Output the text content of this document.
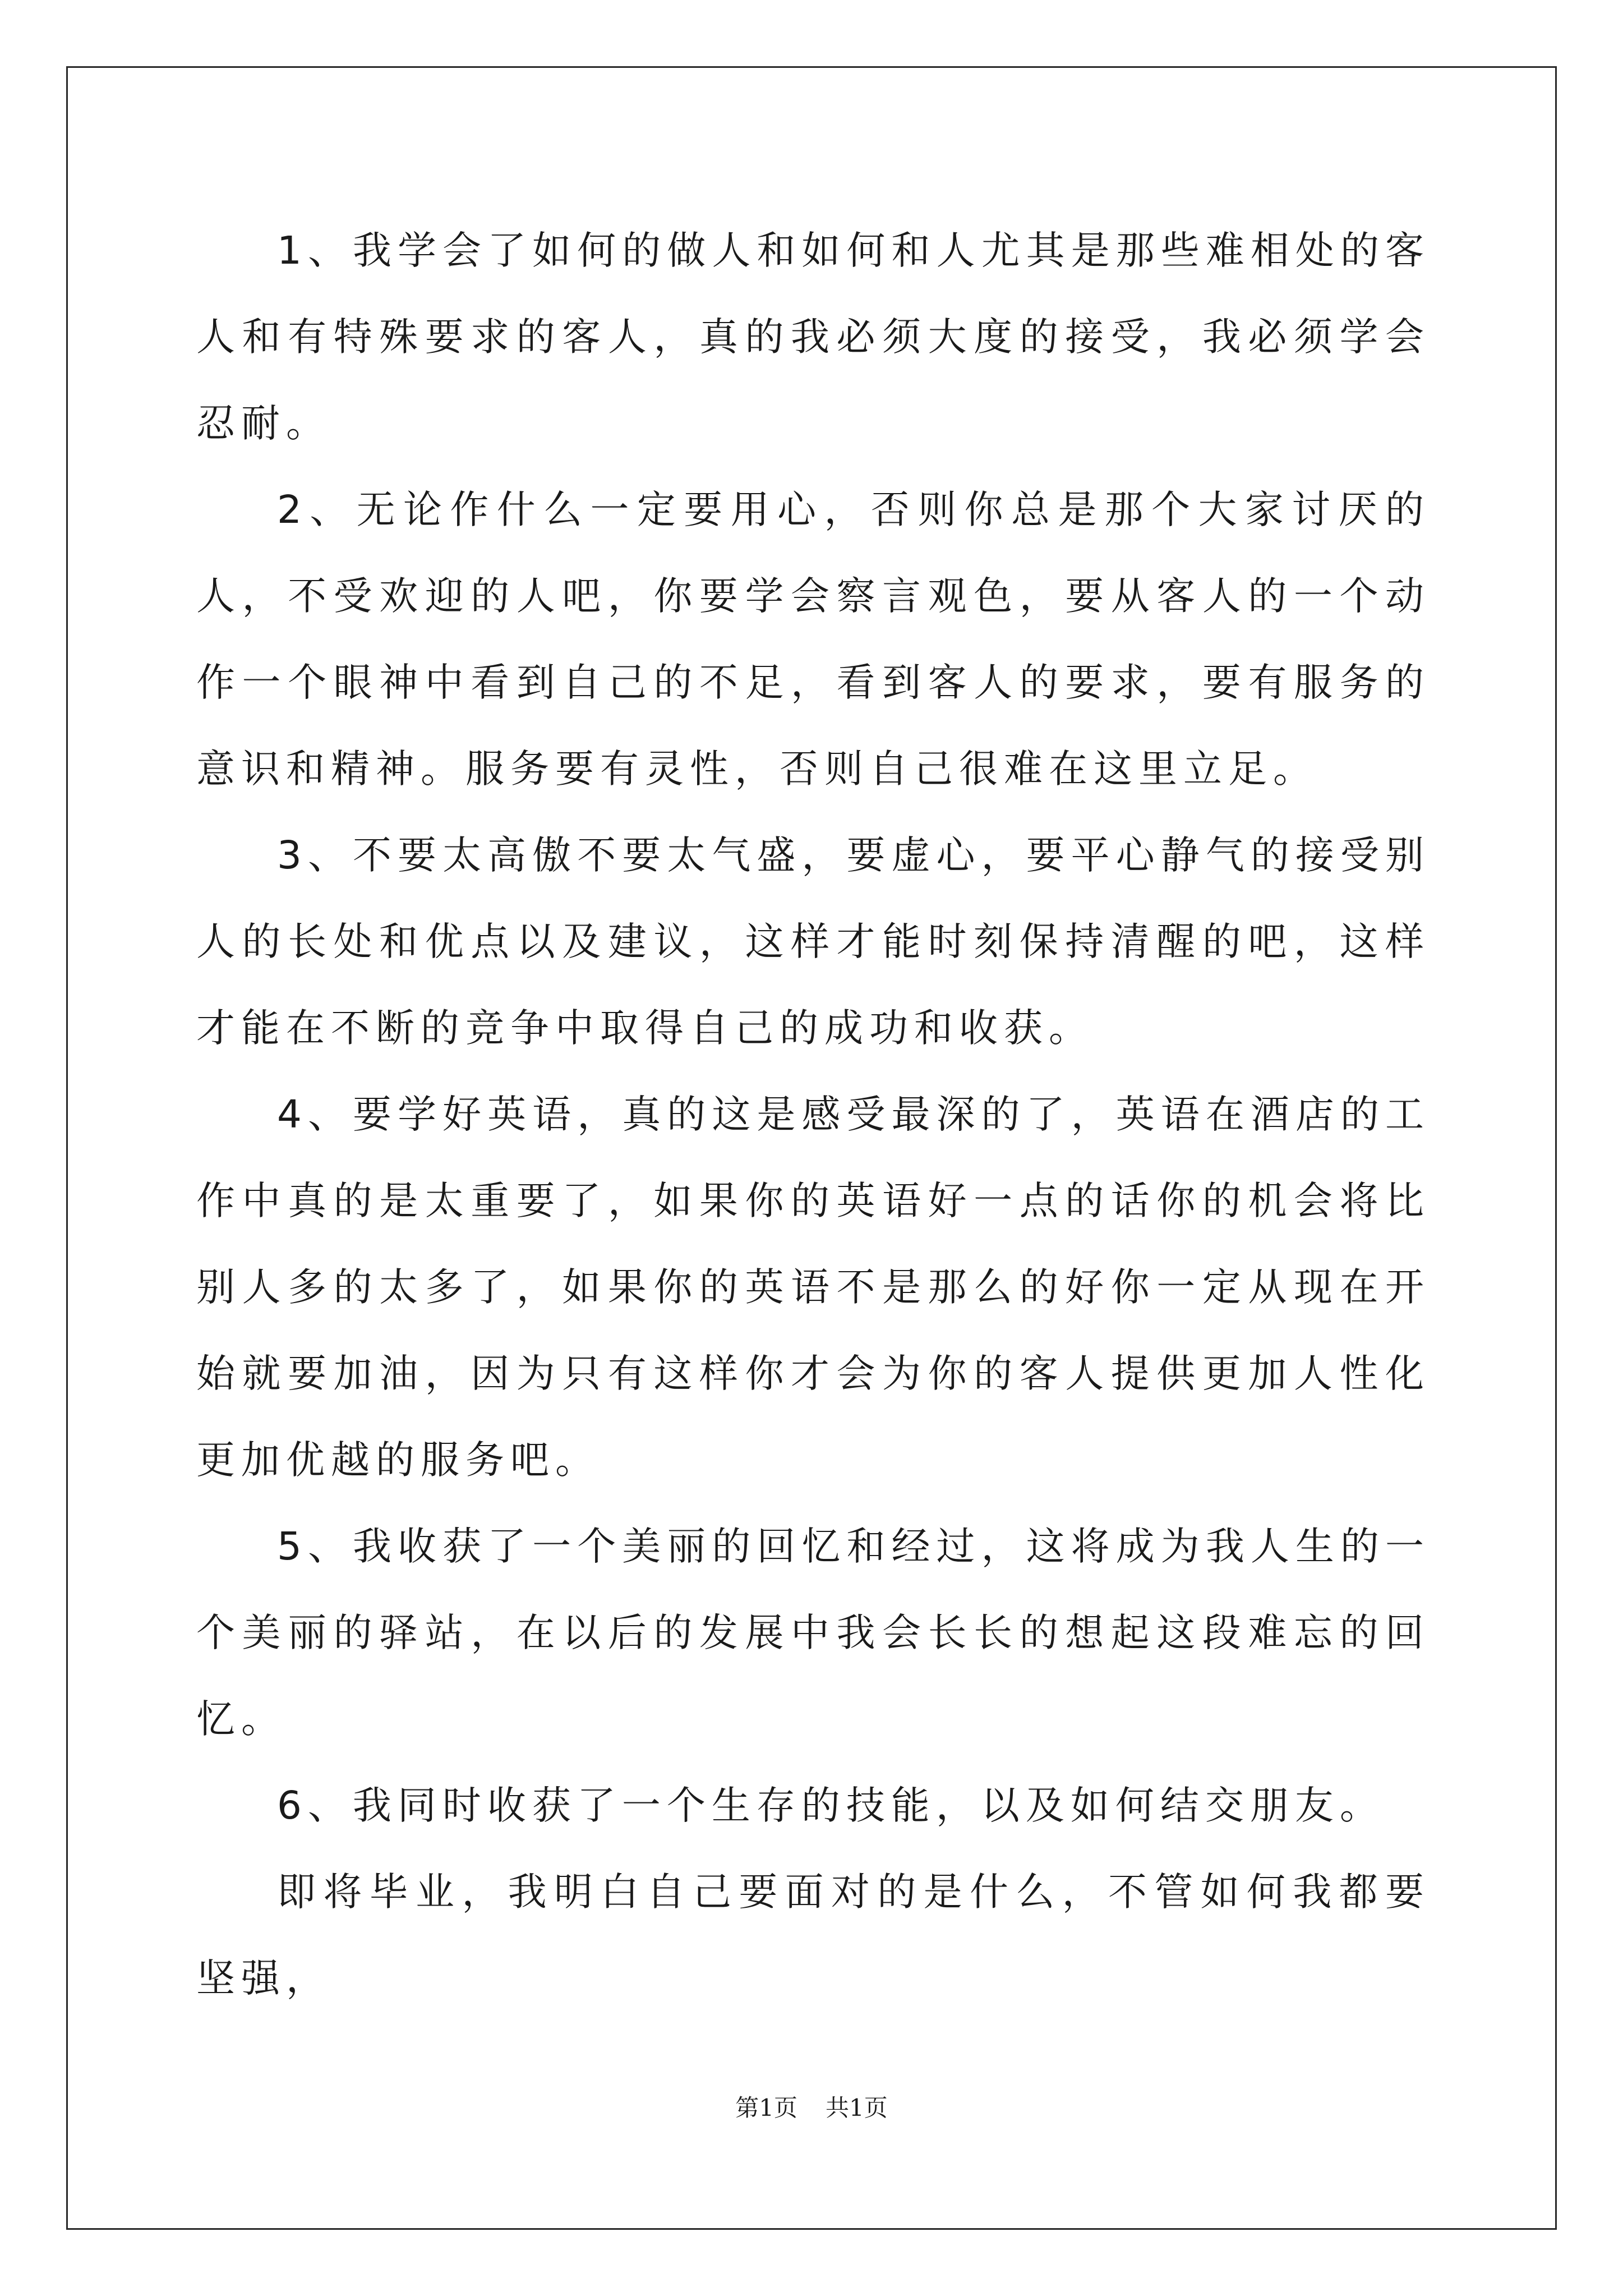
1、我学会了如何的做人和如何和人尤其是那些难相处的客人和有特殊要求的客人，真的我必须大度的接受，我必须学会忍耐。

2、无论作什么一定要用心，否则你总是那个大家讨厌的人，不受欢迎的人吧，你要学会察言观色，要从客人的一个动作一个眼神中看到自己的不足，看到客人的要求，要有服务的意识和精神。服务要有灵性，否则自己很难在这里立足。

3、不要太高傲不要太气盛，要虚心，要平心静气的接受别人的长处和优点以及建议，这样才能时刻保持清醒的吧，这样才能在不断的竞争中取得自己的成功和收获。

4、要学好英语，真的这是感受最深的了，英语在酒店的工作中真的是太重要了，如果你的英语好一点的话你的机会将比别人多的太多了，如果你的英语不是那么的好你一定从现在开始就要加油，因为只有这样你才会为你的客人提供更加人性化更加优越的服务吧。

5、我收获了一个美丽的回忆和经过，这将成为我人生的一个美丽的驿站，在以后的发展中我会长长的想起这段难忘的回忆。

6、我同时收获了一个生存的技能，以及如何结交朋友。

即将毕业，我明白自己要面对的是什么，不管如何我都要坚强，

第1页 共1页
